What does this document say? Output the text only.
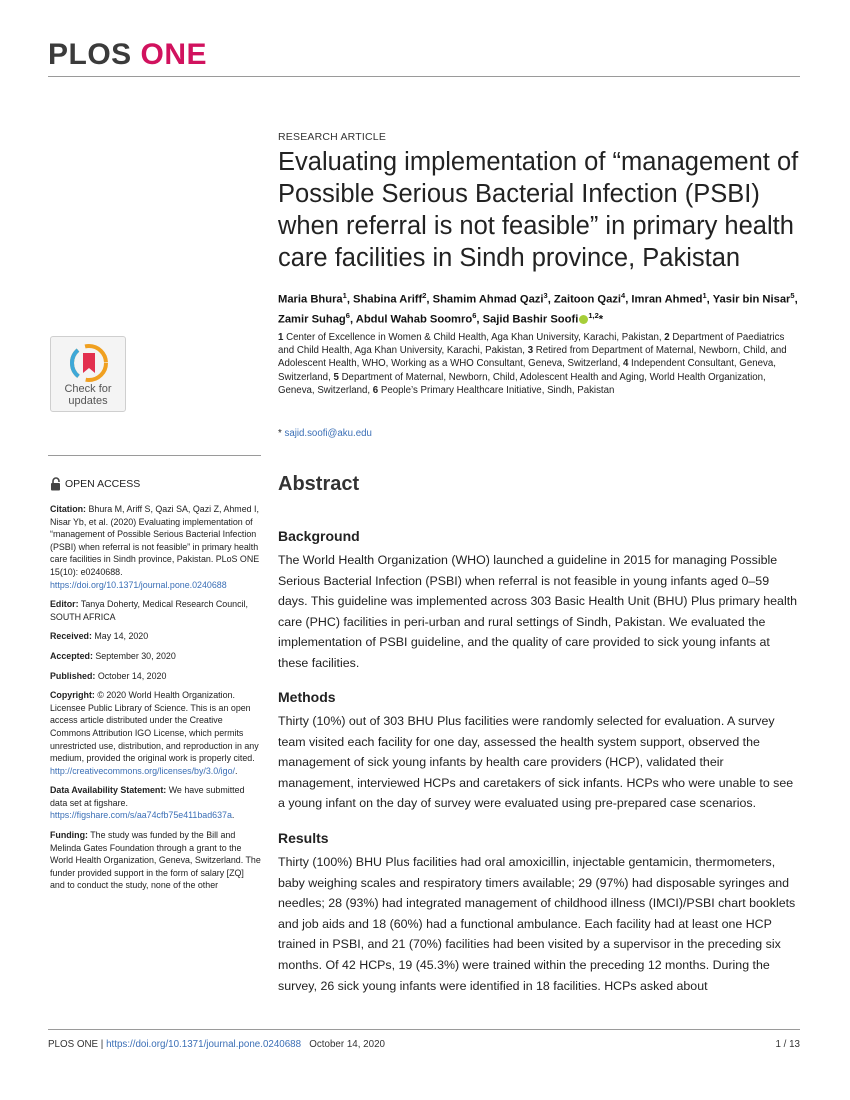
PLOS ONE
RESEARCH ARTICLE
Evaluating implementation of “management of Possible Serious Bacterial Infection (PSBI) when referral is not feasible” in primary health care facilities in Sindh province, Pakistan
Maria Bhura$^1$, Shabina Ariff$^2$, Shamim Ahmad Qazi$^3$, Zaitoon Qazi$^4$, Imran Ahmed$^1$, Yasir bin Nisar$^5$, Zamir Suhag$^6$, Abdul Wahab Soomro$^6$, Sajid Bashir Soofi $^{1,2}$*
1 Center of Excellence in Women & Child Health, Aga Khan University, Karachi, Pakistan, 2 Department of Paediatrics and Child Health, Aga Khan University, Karachi, Pakistan, 3 Retired from Department of Maternal, Newborn, Child, and Adolescent Health, WHO, Working as a WHO Consultant, Geneva, Switzerland, 4 Independent Consultant, Geneva, Switzerland, 5 Department of Maternal, Newborn, Child, Adolescent Health and Aging, World Health Organization, Geneva, Switzerland, 6 People’s Primary Healthcare Initiative, Sindh, Pakistan
* sajid.soofi@aku.edu
Check for
updates
OPEN ACCESS

Citation: Bhura M, Ariff S, Qazi SA, Qazi Z, Ahmed I, Nisar Yb, et al. (2020) Evaluating implementation of “management of Possible Serious Bacterial Infection (PSBI) when referral is not feasible” in primary health care facilities in Sindh province, Pakistan. PLoS ONE 15(10): e0240688. https://doi.org/10.1371/journal.pone.0240688

Editor: Tanya Doherty, Medical Research Council, SOUTH AFRICA

Received: May 14, 2020

Accepted: September 30, 2020

Published: October 14, 2020

Copyright: © 2020 World Health Organization. Licensee Public Library of Science. This is an open access article distributed under the Creative Commons Attribution IGO License, which permits unrestricted use, distribution, and reproduction in any medium, provided the original work is properly cited. http://creativecommons.org/licenses/by/3.0/igo/.

Data Availability Statement: We have submitted data set at figshare. https://figshare.com/s/aa74cfb75e411bad637a.

Funding: The study was funded by the Bill and Melinda Gates Foundation through a grant to the World Health Organization, Geneva, Switzerland. The funder provided support in the form of salary [ZQ] and to conduct the study, none of the other

Abstract
Background

The World Health Organization (WHO) launched a guideline in 2015 for managing Possible Serious Bacterial Infection (PSBI) when referral is not feasible in young infants aged 0–59 days. This guideline was implemented across 303 Basic Health Unit (BHU) Plus primary health care (PHC) facilities in peri-urban and rural settings of Sindh, Pakistan. We evaluated the implementation of PSBI guideline, and the quality of care provided to sick young infants at these facilities.

Methods

Thirty (10%) out of 303 BHU Plus facilities were randomly selected for evaluation. A survey team visited each facility for one day, assessed the health system support, observed the management of sick young infants by health care providers (HCP), validated their management, interviewed HCPs and caretakers of sick infants. HCPs who were unable to see a young infant on the day of survey were evaluated using pre-prepared case scenarios.

Results

Thirty (100%) BHU Plus facilities had oral amoxicillin, injectable gentamicin, thermometers, baby weighing scales and respiratory timers available; 29 (97%) had disposable syringes and needles; 28 (93%) had integrated management of childhood illness (IMCI)/PSBI chart booklets and job aids and 18 (60%) had a functional ambulance. Each facility had at least one HCP trained in PSBI, and 21 (70%) facilities had been visited by a supervisor in the preceding six months. Of 42 HCPs, 19 (45.3%) were trained within the preceding 12 months. During the survey, 26 sick young infants were identified in 18 facilities. HCPs asked about

PLOS ONE | https://doi.org/10.1371/journal.pone.0240688   October 14, 2020	1 / 13
